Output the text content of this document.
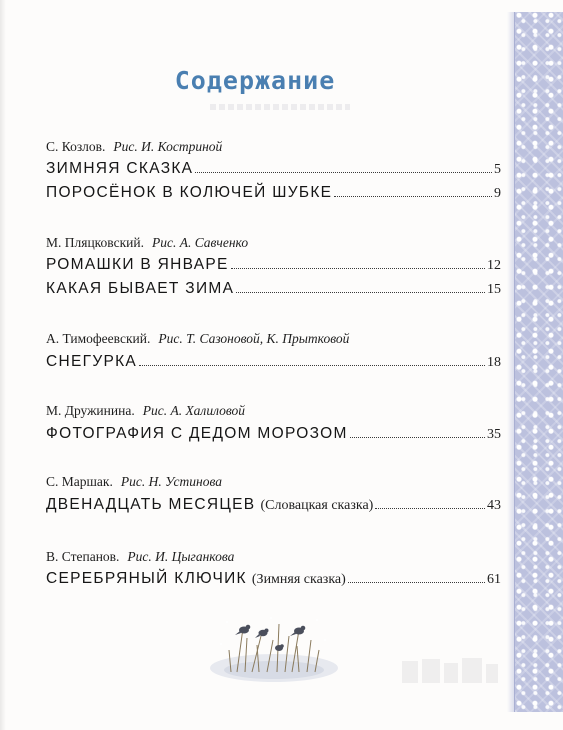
Содержание
С. Козлов. Рис. И. Костриной
ЗИМНЯЯ СКАЗКА	5
ПОРОСЁНОК В КОЛЮЧЕЙ ШУБКЕ	9
М. Пляцковский. Рис. А. Савченко
РОМАШКИ В ЯНВАРЕ	12
КАКАЯ БЫВАЕТ ЗИМА	15
А. Тимофеевский. Рис. Т. Сазоновой, К. Прытковой
СНЕГУРКА	18
М. Дружинина. Рис. А. Халиловой
ФОТОГРАФИЯ С ДЕДОМ МОРОЗОМ	35
С. Маршак. Рис. Н. Устинова
ДВЕНАДЦАТЬ МЕСЯЦЕВ (Словацкая сказка)	43
В. Степанов. Рис. И. Цыганкова
СЕРЕБРЯНЫЙ КЛЮЧИК (Зимняя сказка)	61
